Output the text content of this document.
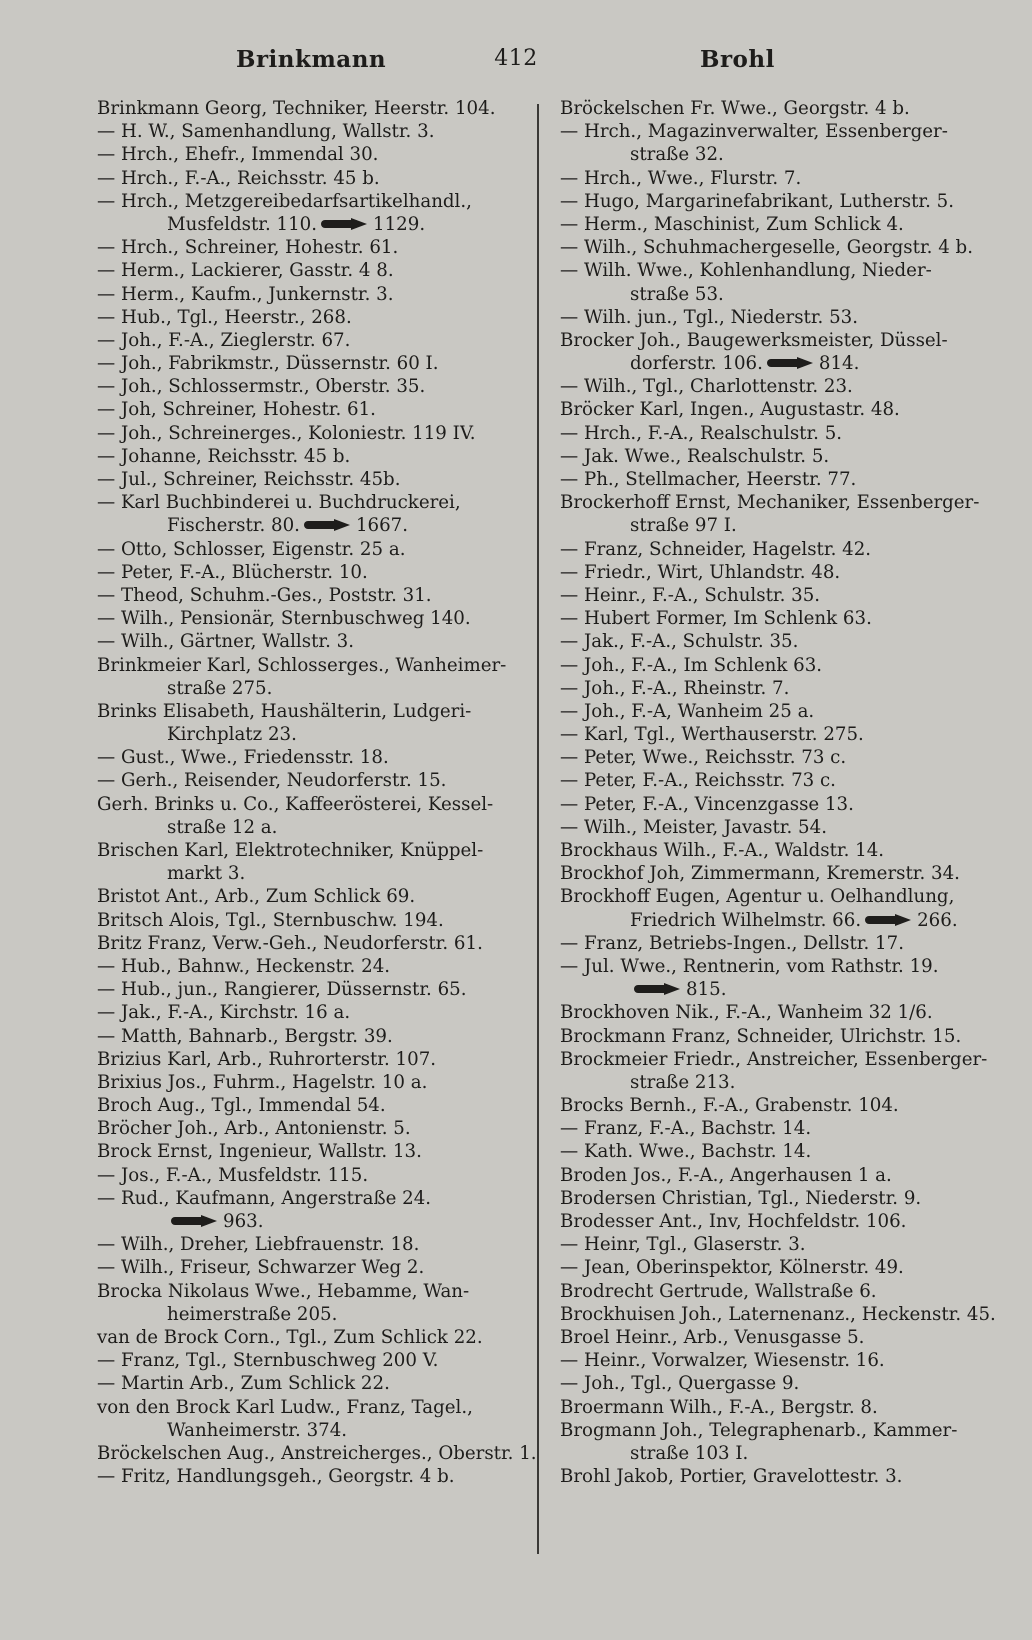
Brinkmann	412	Brohl
Brinkmann Georg, Techniker, Heerstr. 104.
— H. W., Samenhandlung, Wallstr. 3.
— Hrch., Ehefr., Immendal 30.
— Hrch., F.-A., Reichsstr. 45 b.
— Hrch., Metzgereibedarfsartikelhandl.,
Musfeldstr. 110.	1129.
— Hrch., Schreiner, Hohestr. 61.
— Herm., Lackierer, Gasstr. 4 8.
— Herm., Kaufm., Junkernstr. 3.
— Hub., Tgl., Heerstr., 268.
— Joh., F.-A., Zieglerstr. 67.
— Joh., Fabrikmstr., Düssernstr. 60 I.
— Joh., Schlossermstr., Oberstr. 35.
— Joh, Schreiner, Hohestr. 61.
— Joh., Schreinerges., Koloniestr. 119 IV.
— Johanne, Reichsstr. 45 b.
— Jul., Schreiner, Reichsstr. 45b.
— Karl Buchbinderei u. Buchdruckerei,
Fischerstr. 80.	1667.
— Otto, Schlosser, Eigenstr. 25 a.
— Peter, F.-A., Blücherstr. 10.
— Theod, Schuhm.-Ges., Poststr. 31.
— Wilh., Pensionär, Sternbuschweg 140.
— Wilh., Gärtner, Wallstr. 3.
Brinkmeier Karl, Schlosserges., Wanheimer-
straße 275.
Brinks Elisabeth, Haushälterin, Ludgeri-
Kirchplatz 23.
— Gust., Wwe., Friedensstr. 18.
— Gerh., Reisender, Neudorferstr. 15.
Gerh. Brinks u. Co., Kaffeerösterei, Kessel-
straße 12 a.
Brischen Karl, Elektrotechniker, Knüppel-
markt 3.
Bristot Ant., Arb., Zum Schlick 69.
Britsch Alois, Tgl., Sternbuschw. 194.
Britz Franz, Verw.-Geh., Neudorferstr. 61.
— Hub., Bahnw., Heckenstr. 24.
— Hub., jun., Rangierer, Düssernstr. 65.
— Jak., F.-A., Kirchstr. 16 a.
— Matth, Bahnarb., Bergstr. 39.
Brizius Karl, Arb., Ruhrorterstr. 107.
Brixius Jos., Fuhrm., Hagelstr. 10 a.
Broch Aug., Tgl., Immendal 54.
Bröcher Joh., Arb., Antonienstr. 5.
Brock Ernst, Ingenieur, Wallstr. 13.
— Jos., F.-A., Musfeldstr. 115.
— Rud., Kaufmann, Angerstraße 24.
963.
— Wilh., Dreher, Liebfrauenstr. 18.
— Wilh., Friseur, Schwarzer Weg 2.
Brocka Nikolaus Wwe., Hebamme, Wan-
heimerstraße 205.
van de Brock Corn., Tgl., Zum Schlick 22.
— Franz, Tgl., Sternbuschweg 200 V.
— Martin Arb., Zum Schlick 22.
von den Brock Karl Ludw., Franz, Tagel.,
Wanheimerstr. 374.
Bröckelschen Aug., Anstreicherges., Oberstr. 1.
— Fritz, Handlungsgeh., Georgstr. 4 b.
Bröckelschen Fr. Wwe., Georgstr. 4 b.
— Hrch., Magazinverwalter, Essenberger-
straße 32.
— Hrch., Wwe., Flurstr. 7.
— Hugo, Margarinefabrikant, Lutherstr. 5.
— Herm., Maschinist, Zum Schlick 4.
— Wilh., Schuhmachergeselle, Georgstr. 4 b.
— Wilh. Wwe., Kohlenhandlung, Nieder-
straße 53.
— Wilh. jun., Tgl., Niederstr. 53.
Brocker Joh., Baugewerksmeister, Düssel-
dorferstr. 106.	814.
— Wilh., Tgl., Charlottenstr. 23.
Bröcker Karl, Ingen., Augustastr. 48.
— Hrch., F.-A., Realschulstr. 5.
— Jak. Wwe., Realschulstr. 5.
— Ph., Stellmacher, Heerstr. 77.
Brockerhoff Ernst, Mechaniker, Essenberger-
straße 97 I.
— Franz, Schneider, Hagelstr. 42.
— Friedr., Wirt, Uhlandstr. 48.
— Heinr., F.-A., Schulstr. 35.
— Hubert Former, Im Schlenk 63.
— Jak., F.-A., Schulstr. 35.
— Joh., F.-A., Im Schlenk 63.
— Joh., F.-A., Rheinstr. 7.
— Joh., F.-A, Wanheim 25 a.
— Karl, Tgl., Werthauserstr. 275.
— Peter, Wwe., Reichsstr. 73 c.
— Peter, F.-A., Reichsstr. 73 c.
— Peter, F.-A., Vincenzgasse 13.
— Wilh., Meister, Javastr. 54.
Brockhaus Wilh., F.-A., Waldstr. 14.
Brockhof Joh, Zimmermann, Kremerstr. 34.
Brockhoff Eugen, Agentur u. Oelhandlung,
Friedrich Wilhelmstr. 66.	266.
— Franz, Betriebs-Ingen., Dellstr. 17.
— Jul. Wwe., Rentnerin, vom Rathstr. 19.
815.
Brockhoven Nik., F.-A., Wanheim 32 1/6.
Brockmann Franz, Schneider, Ulrichstr. 15.
Brockmeier Friedr., Anstreicher, Essenberger-
straße 213.
Brocks Bernh., F.-A., Grabenstr. 104.
— Franz, F.-A., Bachstr. 14.
— Kath. Wwe., Bachstr. 14.
Broden Jos., F.-A., Angerhausen 1 a.
Brodersen Christian, Tgl., Niederstr. 9.
Brodesser Ant., Inv, Hochfeldstr. 106.
— Heinr, Tgl., Glaserstr. 3.
— Jean, Oberinspektor, Kölnerstr. 49.
Brodrecht Gertrude, Wallstraße 6.
Brockhuisen Joh., Laternenanz., Heckenstr. 45.
Broel Heinr., Arb., Venusgasse 5.
— Heinr., Vorwalzer, Wiesenstr. 16.
— Joh., Tgl., Quergasse 9.
Broermann Wilh., F.-A., Bergstr. 8.
Brogmann Joh., Telegraphenarb., Kammer-
straße 103 I.
Brohl Jakob, Portier, Gravelottestr. 3.
